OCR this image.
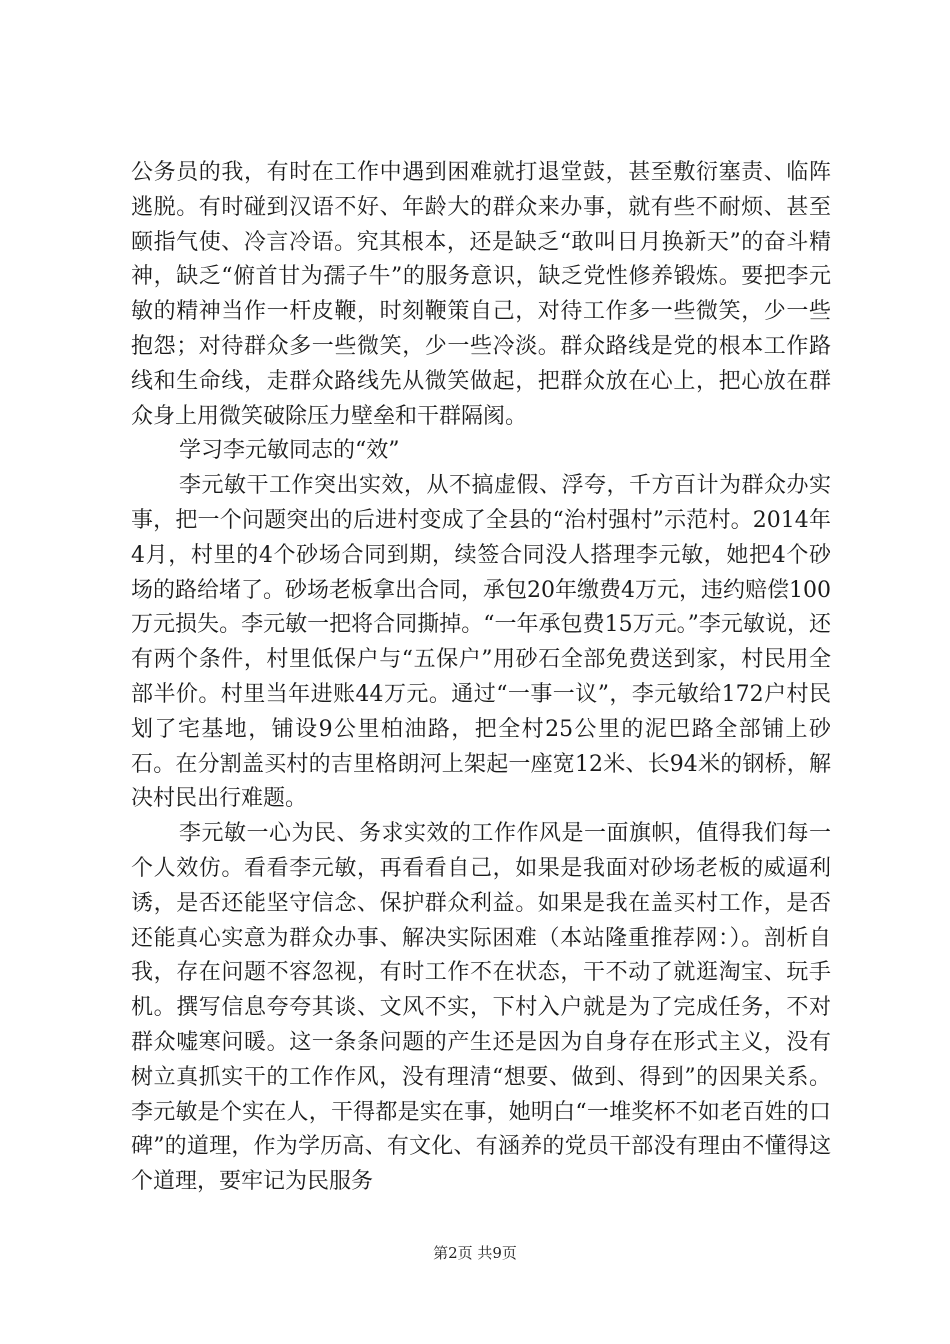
公务员的我，有时在工作中遇到困难就打退堂鼓，甚至敷衍塞责、临阵逃脱。有时碰到汉语不好、年龄大的群众来办事，就有些不耐烦、甚至颐指气使、冷言冷语。究其根本，还是缺乏“敢叫日月换新天”的奋斗精神，缺乏“俯首甘为孺子牛”的服务意识，缺乏党性修养锻炼。要把李元敏的精神当作一杆皮鞭，时刻鞭策自己，对待工作多一些微笑，少一些抱怨；对待群众多一些微笑，少一些冷淡。群众路线是党的根本工作路线和生命线，走群众路线先从微笑做起，把群众放在心上，把心放在群众身上用微笑破除压力壁垒和干群隔阂。

学习李元敏同志的“效”

李元敏干工作突出实效，从不搞虚假、浮夸，千方百计为群众办实事，把一个问题突出的后进村变成了全县的“治村强村”示范村。2014年4月，村里的4个砂场合同到期，续签合同没人搭理李元敏，她把4个砂场的路给堵了。砂场老板拿出合同，承包20年缴费4万元，违约赔偿100万元损失。李元敏一把将合同撕掉。“一年承包费15万元。”李元敏说，还有两个条件，村里低保户与“五保户”用砂石全部免费送到家，村民用全部半价。村里当年进账44万元。通过“一事一议”，李元敏给172户村民划了宅基地，铺设9公里柏油路，把全村25公里的泥巴路全部铺上砂石。在分割盖买村的吉里格朗河上架起一座宽12米、长94米的钢桥，解决村民出行难题。

李元敏一心为民、务求实效的工作作风是一面旗帜，值得我们每一个人效仿。看看李元敏，再看看自己，如果是我面对砂场老板的威逼利诱，是否还能坚守信念、保护群众利益。如果是我在盖买村工作，是否还能真心实意为群众办事、解决实际困难（本站隆重推荐网：）。剖析自我，存在问题不容忽视，有时工作不在状态，干不动了就逛淘宝、玩手机。撰写信息夸夸其谈、文风不实，下村入户就是为了完成任务，不对群众嘘寒问暖。这一条条问题的产生还是因为自身存在形式主义，没有树立真抓实干的工作作风，没有理清“想要、做到、得到”的因果关系。李元敏是个实在人，干得都是实在事，她明白“一堆奖杯不如老百姓的口碑”的道理，作为学历高、有文化、有涵养的党员干部没有理由不懂得这个道理，要牢记为民服务

第2页 共9页
